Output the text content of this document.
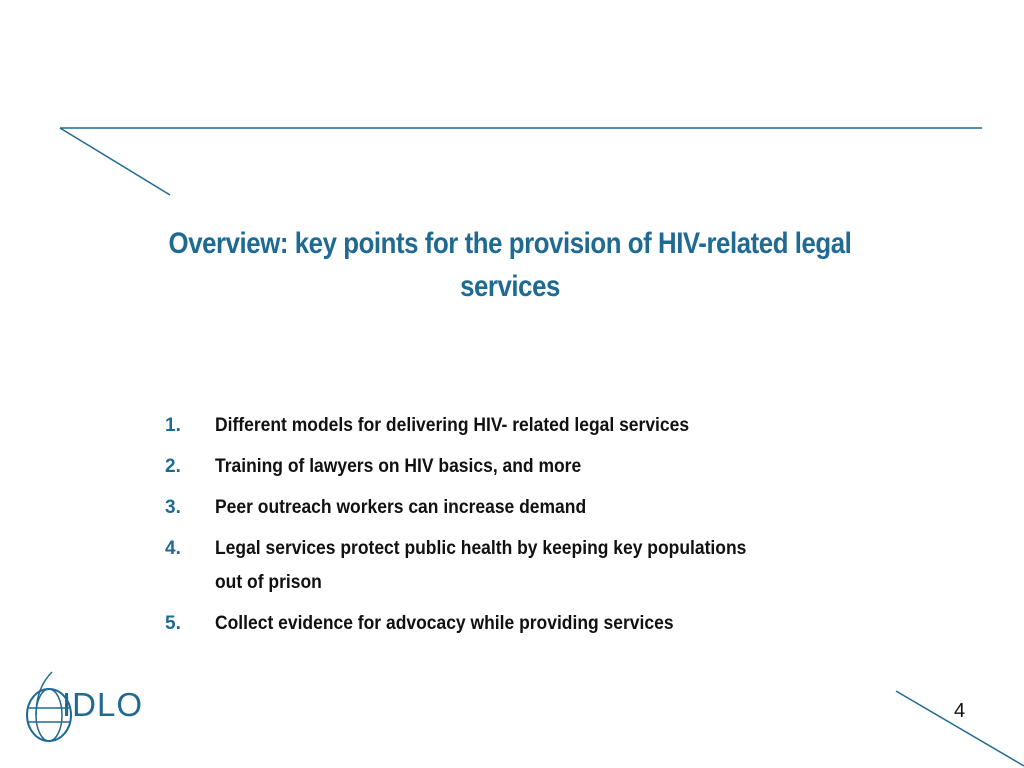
Overview: key points for the provision of HIV-related legal services
1.	Different models for delivering HIV- related legal services
2.	Training of lawyers on HIV basics, and more
3.	Peer outreach workers can increase demand
4.	Legal services protect public health by keeping key populations out of prison
5.	Collect evidence for advocacy while providing services
IDLO	4
